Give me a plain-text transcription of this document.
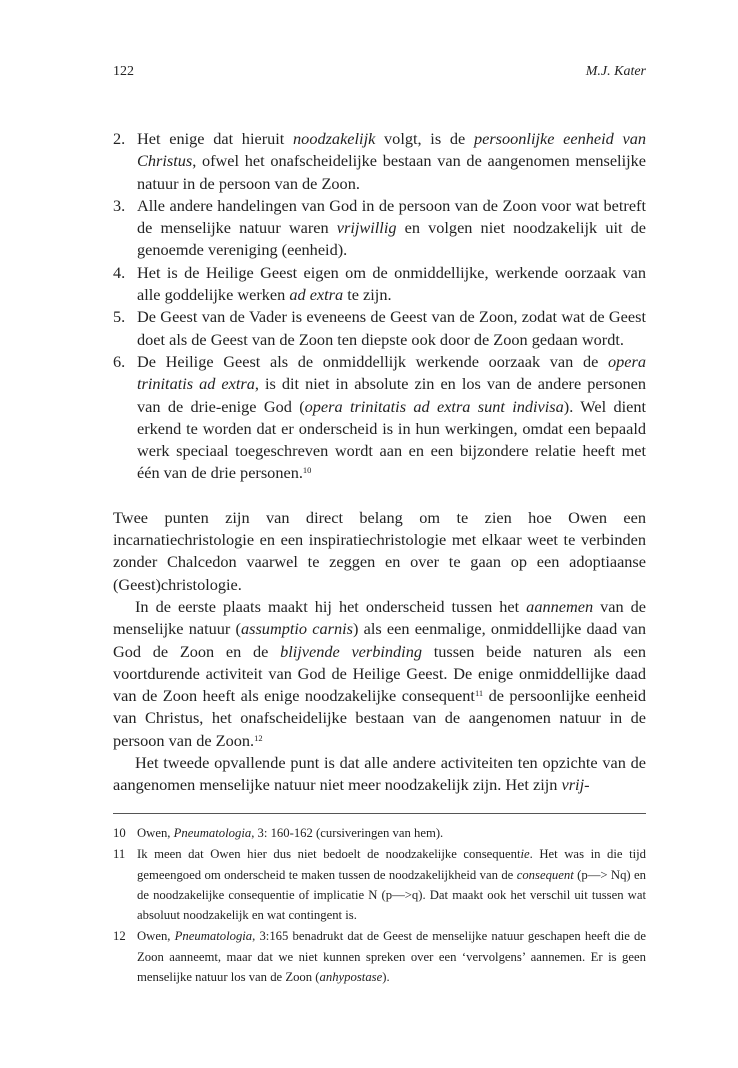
122	M.J. Kater
2. Het enige dat hieruit noodzakelijk volgt, is de persoonlijke eenheid van Christus, ofwel het onafscheidelijke bestaan van de aangenomen menselijke natuur in de persoon van de Zoon.
3. Alle andere handelingen van God in de persoon van de Zoon voor wat betreft de menselijke natuur waren vrijwillig en volgen niet noodzakelijk uit de genoemde vereniging (eenheid).
4. Het is de Heilige Geest eigen om de onmiddellijke, werkende oorzaak van alle goddelijke werken ad extra te zijn.
5. De Geest van de Vader is eveneens de Geest van de Zoon, zodat wat de Geest doet als de Geest van de Zoon ten diepste ook door de Zoon gedaan wordt.
6. De Heilige Geest als de onmiddellijk werkende oorzaak van de opera trinitatis ad extra, is dit niet in absolute zin en los van de andere personen van de drie-enige God (opera trinitatis ad extra sunt indivisa). Wel dient erkend te worden dat er onderscheid is in hun werkingen, omdat een bepaald werk speciaal toegeschreven wordt aan en een bijzondere relatie heeft met één van de drie personen.$^{10}$

Twee punten zijn van direct belang om te zien hoe Owen een incarnatiechristologie en een inspiratiechristologie met elkaar weet te verbinden zonder Chalcedon vaarwel te zeggen en over te gaan op een adoptiaanse (Geest)christologie.

In de eerste plaats maakt hij het onderscheid tussen het aannemen van de menselijke natuur (assumptio carnis) als een eenmalige, onmiddellijke daad van God de Zoon en de blijvende verbinding tussen beide naturen als een voortdurende activiteit van God de Heilige Geest. De enige onmiddellijke daad van de Zoon heeft als enige noodzakelijke consequent$^{11}$ de persoonlijke eenheid van Christus, het onafscheidelijke bestaan van de aangenomen natuur in de persoon van de Zoon.$^{12}$

Het tweede opvallende punt is dat alle andere activiteiten ten opzichte van de aangenomen menselijke natuur niet meer noodzakelijk zijn. Het zijn vrij-

10 Owen, Pneumatologia, 3: 160-162 (cursiveringen van hem).
11 Ik meen dat Owen hier dus niet bedoelt de noodzakelijke consequentie. Het was in die tijd gemeengoed om onderscheid te maken tussen de noodzakelijkheid van de consequent (p—> Nq) en de noodzakelijke consequentie of implicatie N (p—>q). Dat maakt ook het verschil uit tussen wat absoluut noodzakelijk en wat contingent is.
12 Owen, Pneumatologia, 3:165 benadrukt dat de Geest de menselijke natuur geschapen heeft die de Zoon aanneemt, maar dat we niet kunnen spreken over een ‘vervolgens’ aannemen. Er is geen menselijke natuur los van de Zoon (anhypostase).
